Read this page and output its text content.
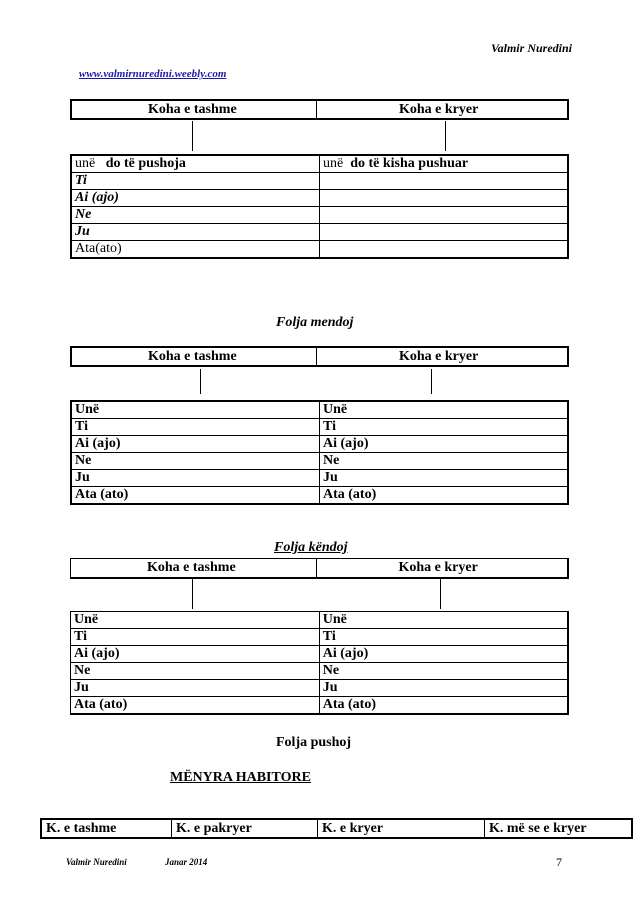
Valmir Nuredini
www.valmirnuredini.weebly.com
Koha e tashme	Koha e kryer
unë do të pushoja	unë do të kisha pushuar
Ti	
Ai (ajo)	
Ne	
Ju	
Ata(ato)	
Folja mendoj
Koha e tashme	Koha e kryer
Unë	Unë
Ti	Ti
Ai (ajo)	Ai (ajo)
Ne	Ne
Ju	Ju
Ata (ato)	Ata (ato)
Folja këndoj
Koha e tashme	Koha e kryer
Unë	Unë
Ti	Ti
Ai (ajo)	Ai (ajo)
Ne	Ne
Ju	Ju
Ata (ato)	Ata (ato)
Folja pushoj
MËNYRA HABITORE
K. e tashme	K. e pakryer	K. e kryer	K. më se e kryer
Valmir Nuredini	Janar 2014	7
